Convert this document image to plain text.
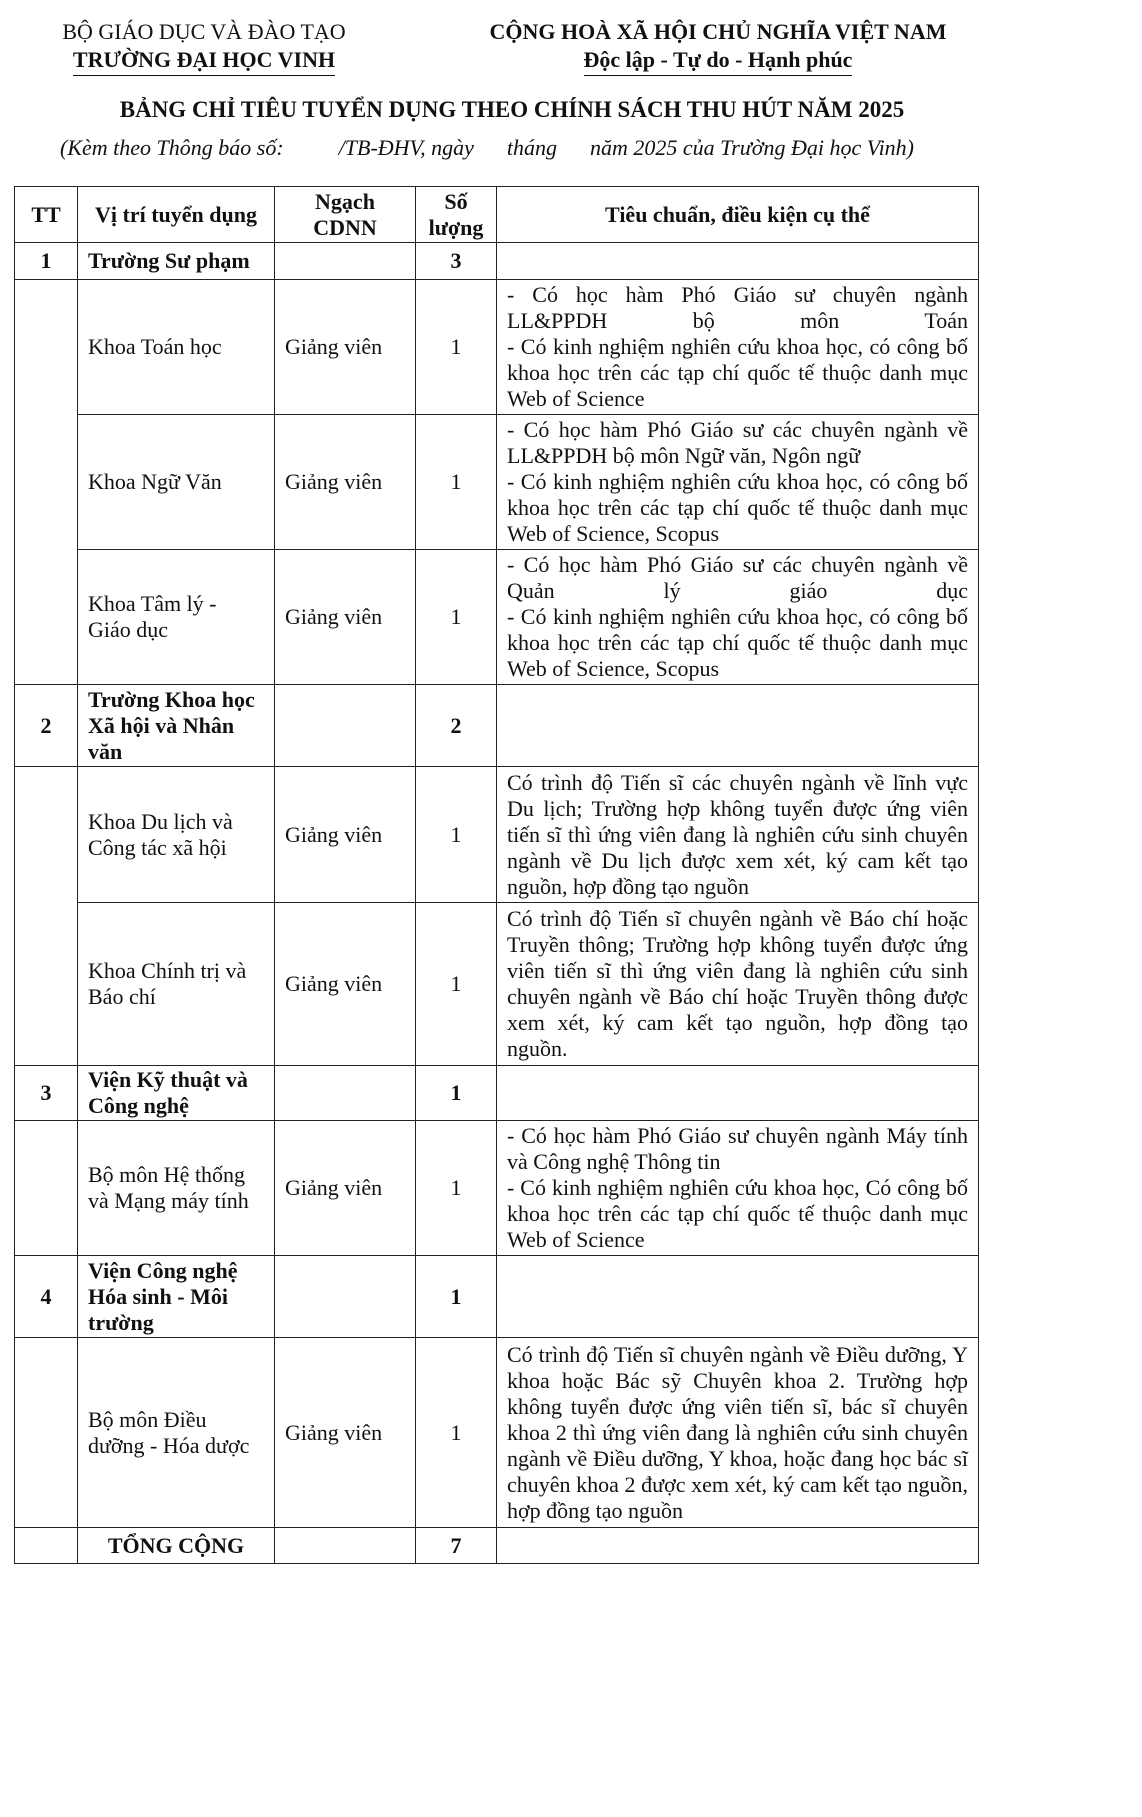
BỘ GIÁO DỤC VÀ ĐÀO TẠO
TRƯỜNG ĐẠI HỌC VINH
CỘNG HOÀ XÃ HỘI CHỦ NGHĨA VIỆT NAM
Độc lập - Tự do - Hạnh phúc
BẢNG CHỈ TIÊU TUYỂN DỤNG THEO CHÍNH SÁCH THU HÚT NĂM 2025
(Kèm theo Thông báo số:          /TB-ĐHV, ngày      tháng      năm 2025 của Trường Đại học Vinh)
TT	Vị trí tuyển dụng	Ngạch CDNN	Số lượng	Tiêu chuẩn, điều kiện cụ thể
1	Trường Sư phạm		3	
	Khoa Toán học	Giảng viên	1	- Có học hàm Phó Giáo sư chuyên ngành LL&PPDH bộ môn Toán
- Có kinh nghiệm nghiên cứu khoa học, có công bố khoa học trên các tạp chí quốc tế thuộc danh mục Web of Science

	Khoa Ngữ Văn	Giảng viên	1	- Có học hàm Phó Giáo sư các chuyên ngành về LL&PPDH bộ môn Ngữ văn, Ngôn ngữ
- Có kinh nghiệm nghiên cứu khoa học, có công bố khoa học trên các tạp chí quốc tế thuộc danh mục Web of Science, Scopus

	Khoa Tâm lý - Giáo dục	Giảng viên	1	- Có học hàm Phó Giáo sư các chuyên ngành về Quản lý giáo dục
- Có kinh nghiệm nghiên cứu khoa học, có công bố khoa học trên các tạp chí quốc tế thuộc danh mục Web of Science, Scopus

2	Trường Khoa học Xã hội và Nhân văn		2	
	Khoa Du lịch và Công tác xã hội	Giảng viên	1	Có trình độ Tiến sĩ các chuyên ngành về lĩnh vực Du lịch; Trường hợp không tuyển được ứng viên tiến sĩ thì ứng viên đang là nghiên cứu sinh chuyên ngành về Du lịch được xem xét, ký cam kết tạo nguồn, hợp đồng tạo nguồn

	Khoa Chính trị và Báo chí	Giảng viên	1	Có trình độ Tiến sĩ chuyên ngành về Báo chí hoặc Truyền thông; Trường hợp không tuyển được ứng viên tiến sĩ thì ứng viên đang là nghiên cứu sinh chuyên ngành về Báo chí hoặc Truyền thông được xem xét, ký cam kết tạo nguồn, hợp đồng tạo nguồn.

3	Viện Kỹ thuật và Công nghệ		1	
	Bộ môn Hệ thống và Mạng máy tính	Giảng viên	1	- Có học hàm Phó Giáo sư chuyên ngành Máy tính và Công nghệ Thông tin
- Có kinh nghiệm nghiên cứu khoa học, Có công bố khoa học trên các tạp chí quốc tế thuộc danh mục Web of Science

4	Viện Công nghệ Hóa sinh - Môi trường		1	
	Bộ môn Điều dưỡng - Hóa dược	Giảng viên	1	Có trình độ Tiến sĩ chuyên ngành về Điều dưỡng, Y khoa hoặc Bác sỹ Chuyên khoa 2. Trường hợp không tuyển được ứng viên tiến sĩ, bác sĩ chuyên khoa 2 thì ứng viên đang là nghiên cứu sinh chuyên ngành về Điều dưỡng, Y khoa, hoặc đang học bác sĩ chuyên khoa 2 được xem xét, ký cam kết tạo nguồn, hợp đồng tạo nguồn

	TỔNG CỘNG		7	
